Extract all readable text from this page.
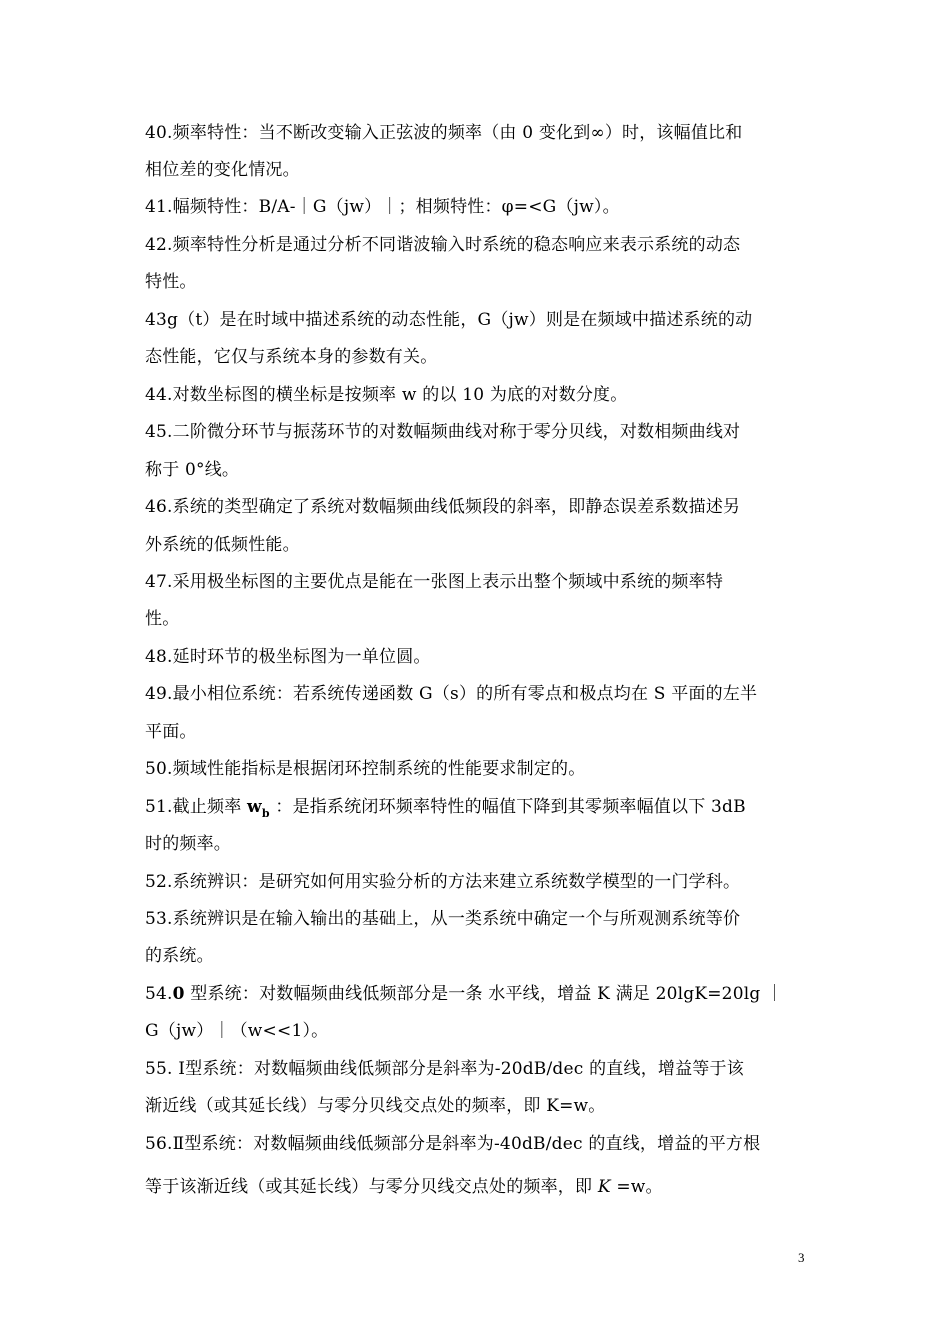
40.频率特性：当不断改变输入正弦波的频率（由 0 变化到∞）时，该幅值比和
相位差的变化情况。
41.幅频特性：B/A-｜G（jw）｜；相频特性：φ=<G（jw）。
42.频率特性分析是通过分析不同谐波输入时系统的稳态响应来表示系统的动态
特性。
43g（t）是在时域中描述系统的动态性能，G（jw）则是在频域中描述系统的动
态性能，它仅与系统本身的参数有关。
44.对数坐标图的横坐标是按频率 w 的以 10 为底的对数分度。
45.二阶微分环节与振荡环节的对数幅频曲线对称于零分贝线，对数相频曲线对
称于 0°线。
46.系统的类型确定了系统对数幅频曲线低频段的斜率，即静态误差系数描述另
外系统的低频性能。
47.采用极坐标图的主要优点是能在一张图上表示出整个频域中系统的频率特
性。
48.延时环节的极坐标图为一单位圆。
49.最小相位系统：若系统传递函数 G（s）的所有零点和极点均在 S 平面的左半
平面。
50.频域性能指标是根据闭环控制系统的性能要求制定的。
51.截止频率 $w_b$ ：是指系统闭环频率特性的幅值下降到其零频率幅值以下 3dB
时的频率。
52.系统辨识：是研究如何用实验分析的方法来建立系统数学模型的一门学科。
53.系统辨识是在输入输出的基础上，从一类系统中确定一个与所观测系统等价
的系统。
54.0 型系统：对数幅频曲线低频部分是一条 水平线，增益 K 满足 20lgK=20lg ｜
G（jw）｜（w<<1）。
55. Ⅰ型系统：对数幅频曲线低频部分是斜率为-20dB/dec 的直线，增益等于该
渐近线（或其延长线）与零分贝线交点处的频率，即 K=w。
56.Ⅱ型系统：对数幅频曲线低频部分是斜率为-40dB/dec 的直线，增益的平方根
等于该渐近线（或其延长线）与零分贝线交点处的频率，即 K =w。
3
